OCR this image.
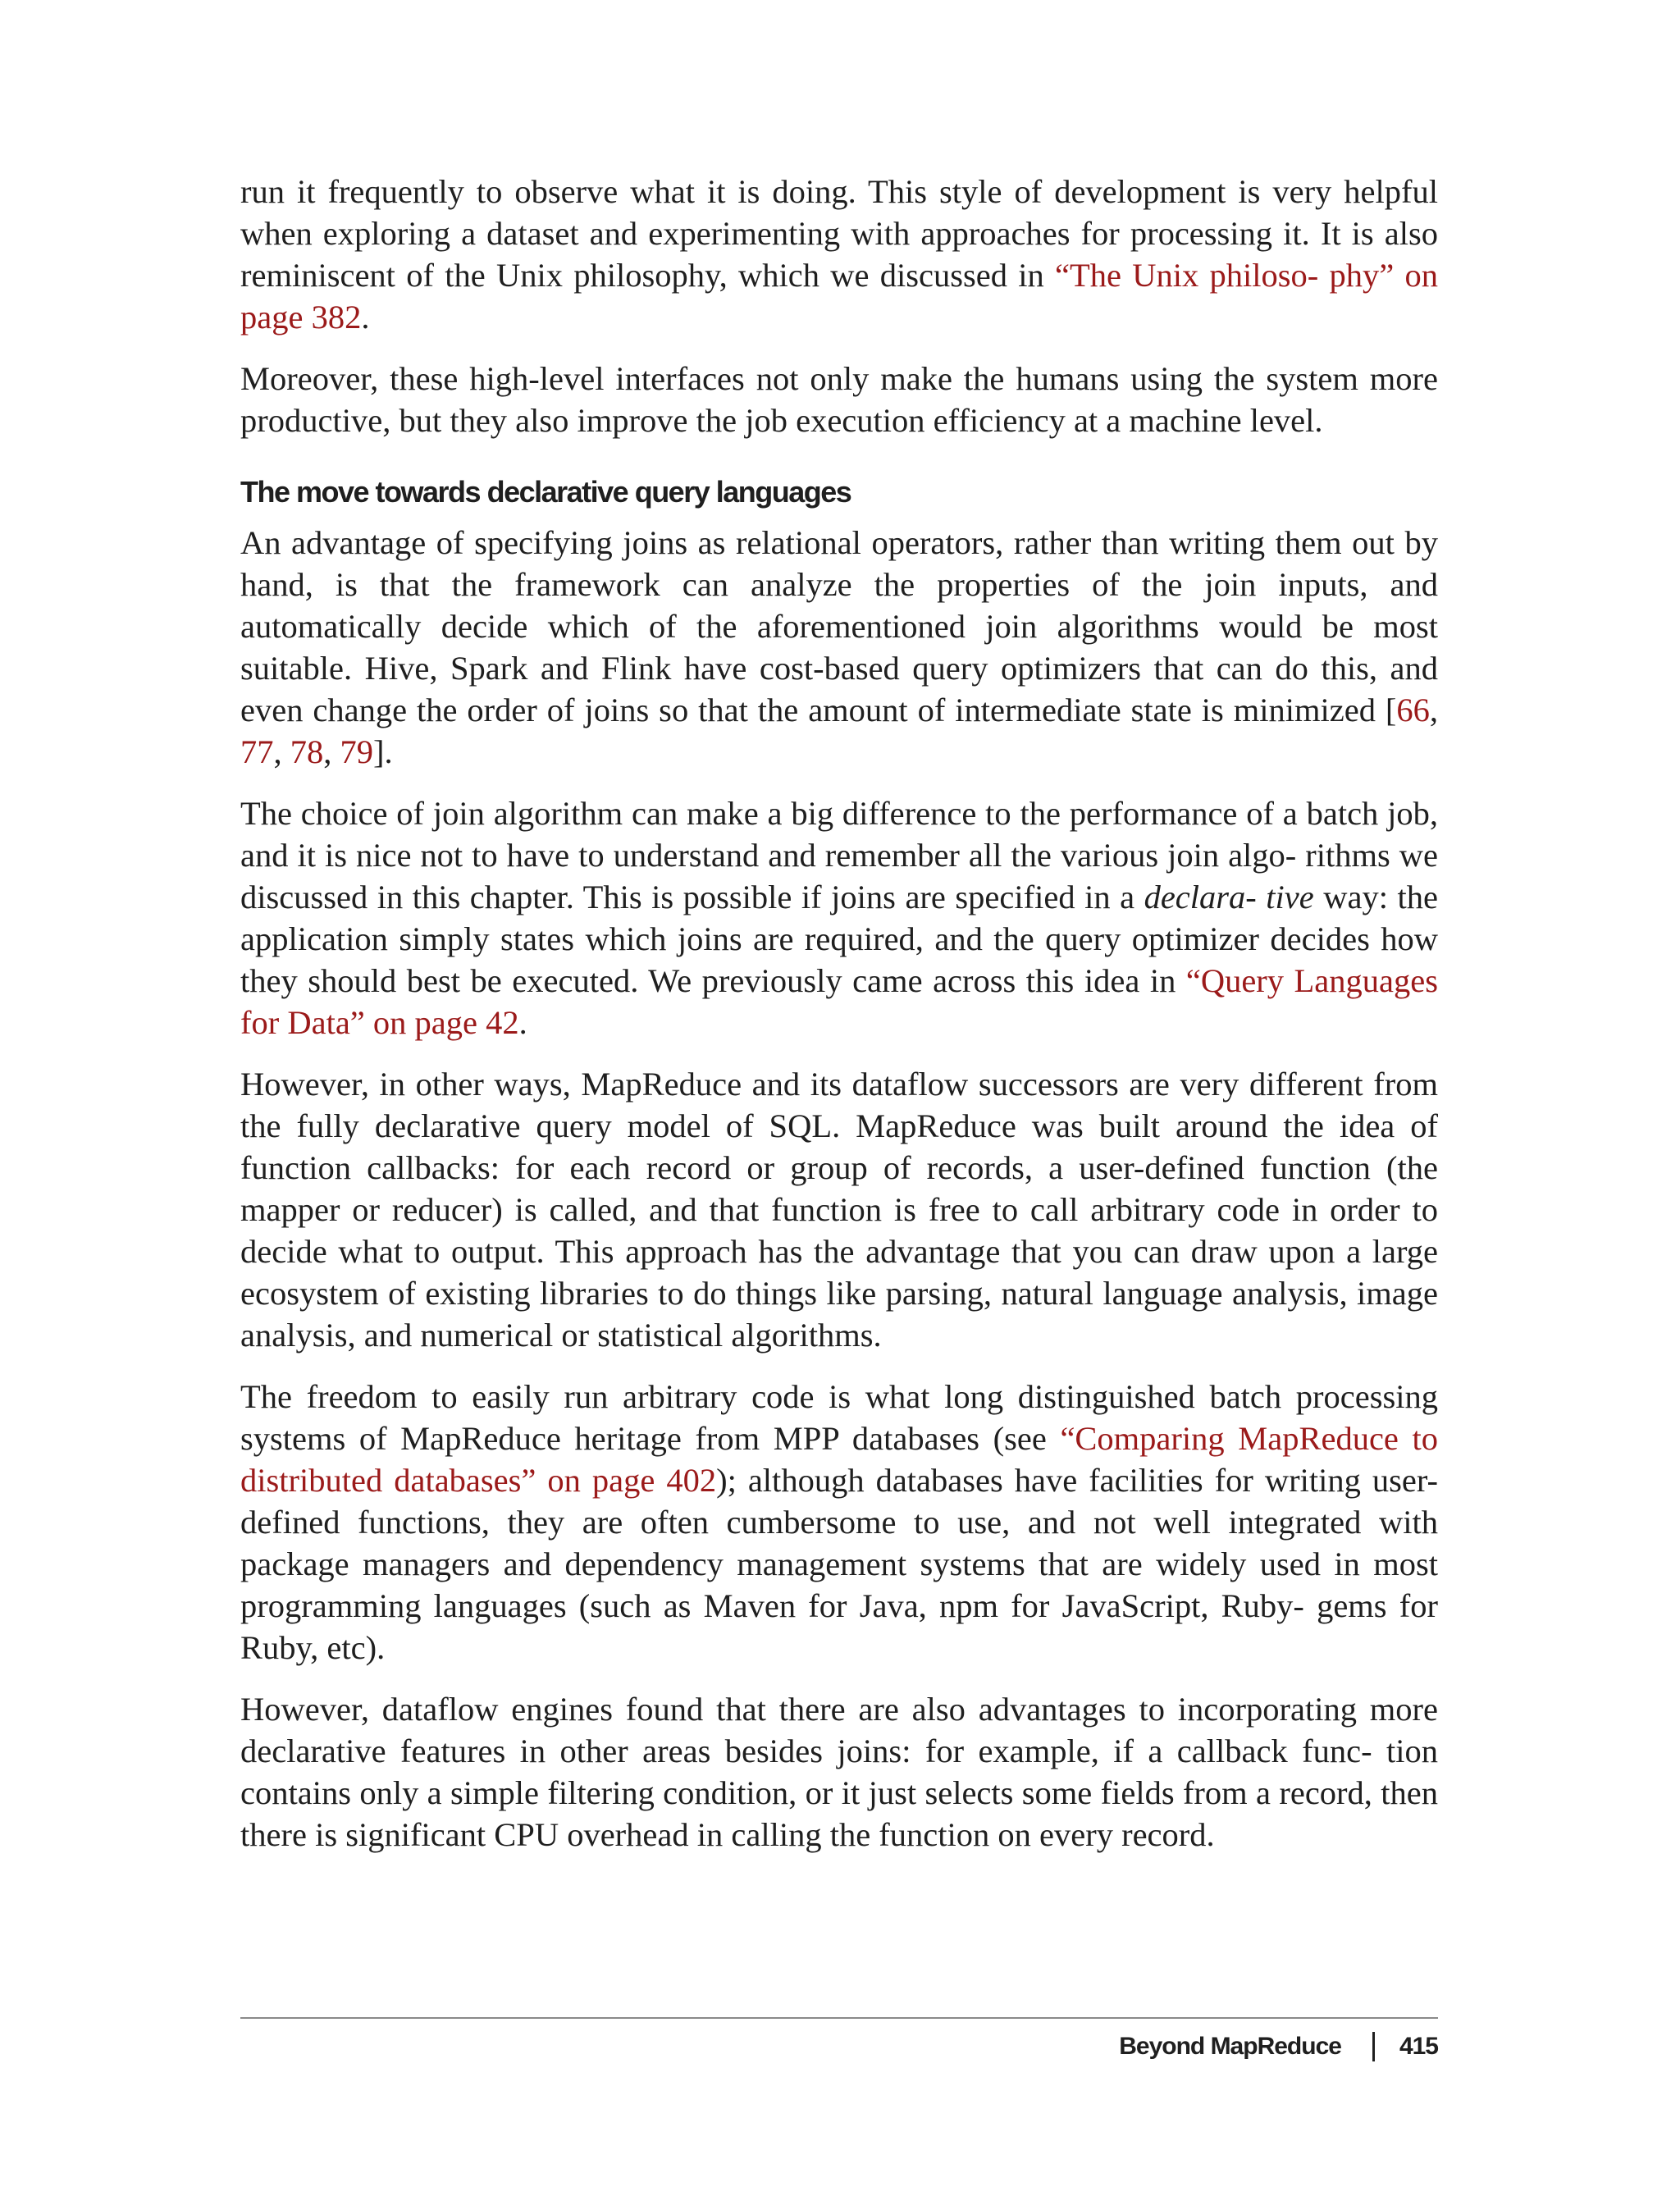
run it frequently to observe what it is doing. This style of development is very helpful when exploring a dataset and experimenting with approaches for processing it. It is also reminiscent of the Unix philosophy, which we discussed in “The Unix philoso- phy” on page 382.

Moreover, these high-level interfaces not only make the humans using the system more productive, but they also improve the job execution efficiency at a machine level.

The move towards declarative query languages

An advantage of specifying joins as relational operators, rather than writing them out by hand, is that the framework can analyze the properties of the join inputs, and automatically decide which of the aforementioned join algorithms would be most suitable. Hive, Spark and Flink have cost-based query optimizers that can do this, and even change the order of joins so that the amount of intermediate state is minimized [66, 77, 78, 79].

The choice of join algorithm can make a big difference to the performance of a batch job, and it is nice not to have to understand and remember all the various join algo- rithms we discussed in this chapter. This is possible if joins are specified in a declara- tive way: the application simply states which joins are required, and the query optimizer decides how they should best be executed. We previously came across this idea in “Query Languages for Data” on page 42.

However, in other ways, MapReduce and its dataflow successors are very different from the fully declarative query model of SQL. MapReduce was built around the idea of function callbacks: for each record or group of records, a user-defined function (the mapper or reducer) is called, and that function is free to call arbitrary code in order to decide what to output. This approach has the advantage that you can draw upon a large ecosystem of existing libraries to do things like parsing, natural language analysis, image analysis, and numerical or statistical algorithms.

The freedom to easily run arbitrary code is what long distinguished batch processing systems of MapReduce heritage from MPP databases (see “Comparing MapReduce to distributed databases” on page 402); although databases have facilities for writing user-defined functions, they are often cumbersome to use, and not well integrated with package managers and dependency management systems that are widely used in most programming languages (such as Maven for Java, npm for JavaScript, Ruby- gems for Ruby, etc).

However, dataflow engines found that there are also advantages to incorporating more declarative features in other areas besides joins: for example, if a callback func- tion contains only a simple filtering condition, or it just selects some fields from a record, then there is significant CPU overhead in calling the function on every record.

Beyond MapReduce 415
